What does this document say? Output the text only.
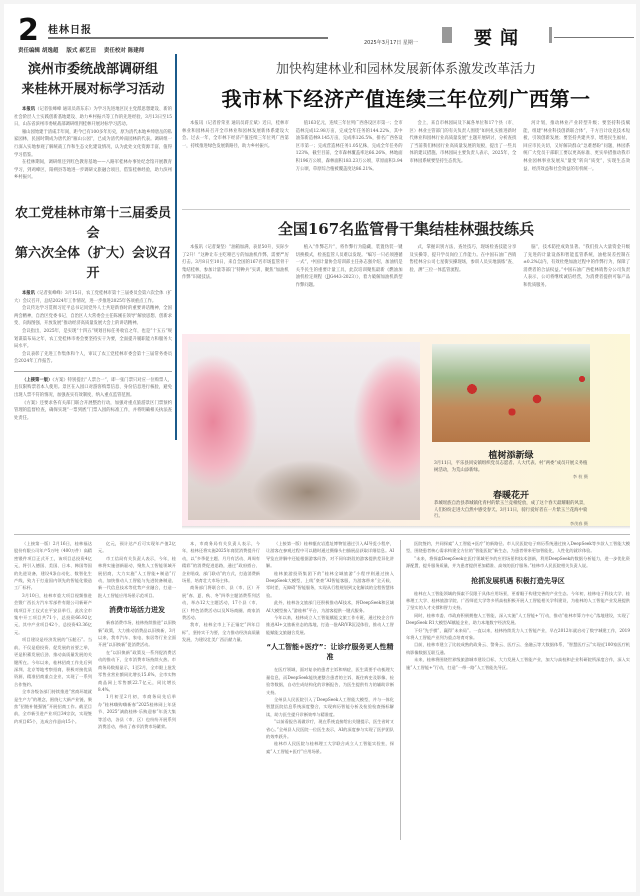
2 桂林日报
2025年3月17日 星期一	要闻
责任编辑 胡逸超 版式 郝艺田 责任校对 陈建师
滨州市委统战部调研组
来桂林开展对标学习活动

本报讯（记者张峰峰 通讯员蒋东东）为学习先进地区民主党派思想建设、新的社会阶层人士实践创新基地建设、助力乡村振兴等工作的先进经验，3月13日至15日，山东省滨州市委统战部调研组到桂林开展对标学习活动。

雁山园始建于清咸丰年间，距今已有100多年历史，原为清代本地乡绅唐岳的私家园林，民国时期成为唐代的“雁山公园”，已成为清代岭南园林的代表。调研组一行深入实地参观了解统战工作和生态文化建设情况，认为此处文化资源丰富，值得学习借鉴。

在桂林期间，调研组还到红色教育基地——八路军桂林办事处纪念馆开展教育学习，到鸡峰区、阳朔县等地进一步调研文旅融合项目，借鉴桂林经验，助力滨州乡村振兴。

农工党桂林市第十三届委员会
第六次全体（扩大）会议召开

本报讯（记者张峰峰）3月15日，农工党桂林市第十三届委员会第六次全体（扩大）会议召开，总结2024年工作情况，进一步推进2025年各项重点工作。

会议传达学习贯彻习近平总书记同党外人士共迎新春时的重要讲话精神，全国两会精神，自治区党委书记、自治区人大常委会主任陈刚在领导“解放思想、创新求变、向海图强、开放发展”推动经济高质量发展大会上的讲话精神。

会议指出，2025年，是实现“十四五”规划目标任务收官之年，也是“十五五”规划谋篇布局之年，农工党桂林市委会要坚持实干为要，全面提升履职能力和服务大局水平。

会议表彰了先进工作集体和个人，审议了农工党桂林市委会第十三届常务委员会2024年工作报告。

（上接第一版）《方案》特别提出“人票合一”，即一张门票只对应一位购票人，且仅限购票者本人使用。景区在入园口对游客购票信息、身份信息进行核验，避免出现人票不符的情况，加强查实有效制度，纳入重点监管范围。

《方案》还要求各有关部门联合开展整治行动，加强对重点旅游景区门票预约管理的监督检查，确保实现“一票到底”门票入园的标准工作，并将明确相关执法查处责任。

加快构建林业和园林发展新体系激发改革活力
我市林下经济产值连续三年位列广西第一

本报讯（记者曾荣亚 通讯员蒋丘斌）近日，桂林市林业和园林局召开全市林业和园林发展新体系建设大会。过去一年，全市林下经济产值连续三年位列广西第一，持续推进绿色发展新路径，助力乡村振兴。

值163亿元，连续三年位列广西各设区市第一；全市造林完成12.98万亩，完成全年任务的144.22%，其中油茶新造林9.145万亩，完成率126.5%，排名广西各设区市第一；完成营造林任务1.05亿株，完成全年任务的123%，截至目前，全市森林覆盖率达66.26%，林地面积196万公顷，森林面积183.23万公顷，草原面积3.94万公顷，草原综合植被覆盖度达86.21%。

会上，来自市林园局及下属各单位和17个县（市、区）林业主管部门的有关负责人围绕“如何扎实推进新时代林业和园林行业高质量发展”主题开展研讨，分析查找了当前我们林园行业高质量发展的短板，提出了一些具体的建议措施。市林园局主要负责人表示，2025年，全市林园系统要坚持生态优先。

河计划，推动林业产业转型升级；要坚持科技赋能，组建“林业科技创新联合体”，千方百计攻克技术短板，引领创新发展；要坚持共建共享，增进民生福祉，回应市民关切，又好解决群众“急难愁盼”问题，林园系统广大党员干部职工要以更高标准、更实举措推动我市林业园林事业发展从“量变”转向“质变”，实现生态效益、经济效益和社会效益的有机统一。

全国167名监管骨干集结桂林强技练兵

本报讯（记者秦坚）“油箱加满，表显50升，实际少了2升！”这种让车主吃哑巴亏的加油机作弊，需要严厉打击。3月8日至10日，来自全国的167名市场监管骨干集结桂林，参加计量等部门“特种兵”实训，聚焦“加油机作弊”识破技法。

植入“作弊芯片”，将作弊行为隐藏，装置伪装一键切换模式，检查监管人员难以发现。“编写一只必须遵循一式”，中国计量协会培训部主任孙志强介绍，加油机是关乎民生的重要计量工具，此次培训聚焦最新《燃油加油机检定规程（JJG443-2023）》，着力破解加油机新型作弊问题。

式，掌握识别方法，查处技巧，现场检查技能分享及实操等，提升学员岗位工作能力。在中国石油广西销售桂林分公司七星街实操现场，参训人员实地演练“查、验、测”三位一体监管流程。

脑”，技术防控成效显著。“我们投入大量资金升级了先进的计量设备和智能监管系统，油枪误差控制在±0.2%以内，有效杜绝加油过程中的作弊行为，保障了消费者的合法权益。”中国石油广西桂林销售分公司负责人表示，公司将继续诚信经营，为消费者提供可靠产品和优质服务。

植树添新绿
3月11日，平乐县同安镇组织党员志愿者、人大代表、村“两委”成员开展义务植树活动，为荒山添新绿。
李 枝 摄
春暖花开
恭城瑶族自治县恭城镇化青村的紫玉兰竞相绽放，成了这个春天最耀眼的风景，人们纷纷走进大自然中感受春天。3月11日，骑行爱好者在一片紫玉兰花海中骑行。
李茂春 摄

（上接第一版）2月16日，桂林福达股份有限公司年产5万吨（400万件）高精密锻件项目正式开工，该项目总投资4亿元，将引入德国、美国、日本、韩国等国的先进设备，建设4条自动化、数智化生产线，致力于打造国内领先的智能化锻造工厂标杆。

3月10日，桂林市重大项目视频推进会暨广西长方汽车零部件有限公司新研产线项目开工仪式在平安县举行，此次全市集中开工项目共71个，总投资66.92亿元，其中产业项目42个，总投资43.36亿元。

项目建设是经济发展的“压舱石”。当前，不仅是稳投资、促发展的首要之举，更是积蓄发展后劲、推动高质量发展的关键所在。今年以来，桂林招商工作先后到深圳、北京等地考察招商，积极对接优质资源，精准招商重点企业，实现了一系列合作签约。

全市各级各部门持续推进“营商环境就是生产力”的理念，围绕七大新产业链，聚焦“招链补链强链”开展招商工作。截至目前，全市新引进产业项目34宗次，实现签约项目65个，达成合作意向15个。

亿元，预计达产后可实现年产值2亿元。

市工信局有关负责人表示，今年，桂林将实施创新驱动，聚焦人工智能领域开展招商，大力实施“人工智能+制造”行动，加快推动人工智能与先进装备制造、新一代信息技术等优势产业融合，打造一批人工智能应用场景示范项目。

消费市场活力迸发

新春消费市场，桂林持续推进“以旧换新”政策，大力推动消费品以旧换新，3月以来，我市汽车、家电、家居等行业全面开展“以旧换新”促消费活动。

在“以旧换新”政策及一系列促消费活动的推动下，全市消费市场持续火热。市商务局数据显示，1至2月，全市限上批发零售业营业额同比增长15.6%，全市实物商品网上零售额22.7亿元，同比增长8.4%。

1月初至2月初，市商务局先后举办“桂林嗨购嗨新春”2025桂林网上年货节、2025“漓韵桂林·乐购迎春”年货大集等活动，各县（市、区）也纷纷开展系列消费活动，带动了春节消费市场繁荣。

本，市商务局有关负责人表示，今年，桂林还将实施2025年商贸消费提升行动，以“多季促主题、月月有活动、周周有精彩”的消费促进思路，通过“政府搭台、企业唱戏、部门联动”的方式，打造消费新场景，培育壮大市场主体。

商务部门将联合市、县（市、区）开展“春、夏、秋、冬”四季主题消费系列活动，举办12大主题活动，17个县（市、区）特色消费活动以及N场商圈、商家消费活动。

我市，桂林全市上下正锚定“四年目标”，坚持实干为要，全力推动经济高质量发展，为建设壮美广西贡献力量。

（上接第一版）桂林甑皮岩遗址博物馆通过引入AI导览小程序，让游客在参观过程中可以随时通过摄像头扫描展品获取详细信息。AI导览在讲解中还能根据游客问答，对不同年龄段的游客提供差异化讲解。

桂林旅游投资集团下的“桂林全域旅游”小程序则通过接入DeepSeek大模型，上线“豪豪”AI智能客服，为游客带来“全天候、零时差、无障碍”智能服务，实现从行程规划到文化解读的全程智慧体验。

此外，桂林各文旅部门还积极推动AI技术，将DeepSeek和区域AI大模型接入“游桂林”平台，为游客提供一键式服务。

今年以来，桂林成立人工智能赋能文旅工作专班，通过校企合作推进AI+文旅新业态的落地，打造一批AR/VR沉浸体验，推动人工智能赋能文旅融合发展。

“人工智能+医疗”：让诊疗服务更人性精准

在医疗领域，面对复杂的患者主诉和病症，医生需要手动梳理大量信息，而DeepSeek能快速整合患者的主诉、既往病史及影像、检验等数据，自动生成结构化的诊断报告，为医生提供有力的辅助诊断支持。

全州县人民医院引入了DeepSeek人工智能大模型，并与一体化智慧医院信息系统深度整合，实现病历智能分析及检验检查指标解读，助力医生提升诊断效率与精准度。

“以前看报告再做诊疗，现在系统直接给出关键提示，医生省时又省心。”全州县人民医院一位医生表示，AI的深度参与实现了医护团队的效率跃升。

桂林市人民医院与桂林理工大学联合成立人工智能实验室，探索“人工智能+医疗”应用场景。

医院签约，共同探索“人工智能+医疗”的新路径。市人民医院电子病历系统通过接入DeepSeek等多款人工智能大模型，围绕患者核心需求构建全方位的“智能医院”新生态，为患者带来更加智能化、人性化的就诊体验。

“未来，将探索DeepSeek在医疗领域更多的应用场景和技术创新，利用DeepSeek的数据分析能力，进一步优化资源配置，提升服务质量，并为患者提供更加精准、高效的医疗服务。”桂林市人民医院相关负责人说。

抢抓发展机遇 积极打造先导区

桂林在人工智能领域的探索不仅限于具体应用场景，更着眼于构建完善的产业生态。今年初，桂林电子科技大学、桂林理工大学、桂林旅游学院、广西师范大学等多所高校积极开展人工智能相关学科建设，为桂林的人工智能产业发展提供了坚实的人才支撑和智力支持。

同时，桂林市委、市政府积极拥抱人工智能，深入实施“人工智能+”行动，推动“桂林市算力中心”落地建设，实现了DeepSeek R1大模型AI赋能企业，助力本地数字经济发展。

下好“先手棋”，赢得“未来局”。一直以来，桂林持续发力人工智能产业，早在2012年就启动了数字城建工作，2019年将人工智能产业列为重点培育对象。

目前，桂林市建立了比较成熟的政务云、警务云、医疗云、金融云等大数据体系，“智慧医疗云”实现近100家医疗机构影像数据互联互通。

未来，桂林将围绕世界级旅游城市建设目标，大力发展人工智能产业，加大与高校和企业科研院所深度合作，深入实施“人工智能+”行动，打造“一带一路”人工智能先导区。
